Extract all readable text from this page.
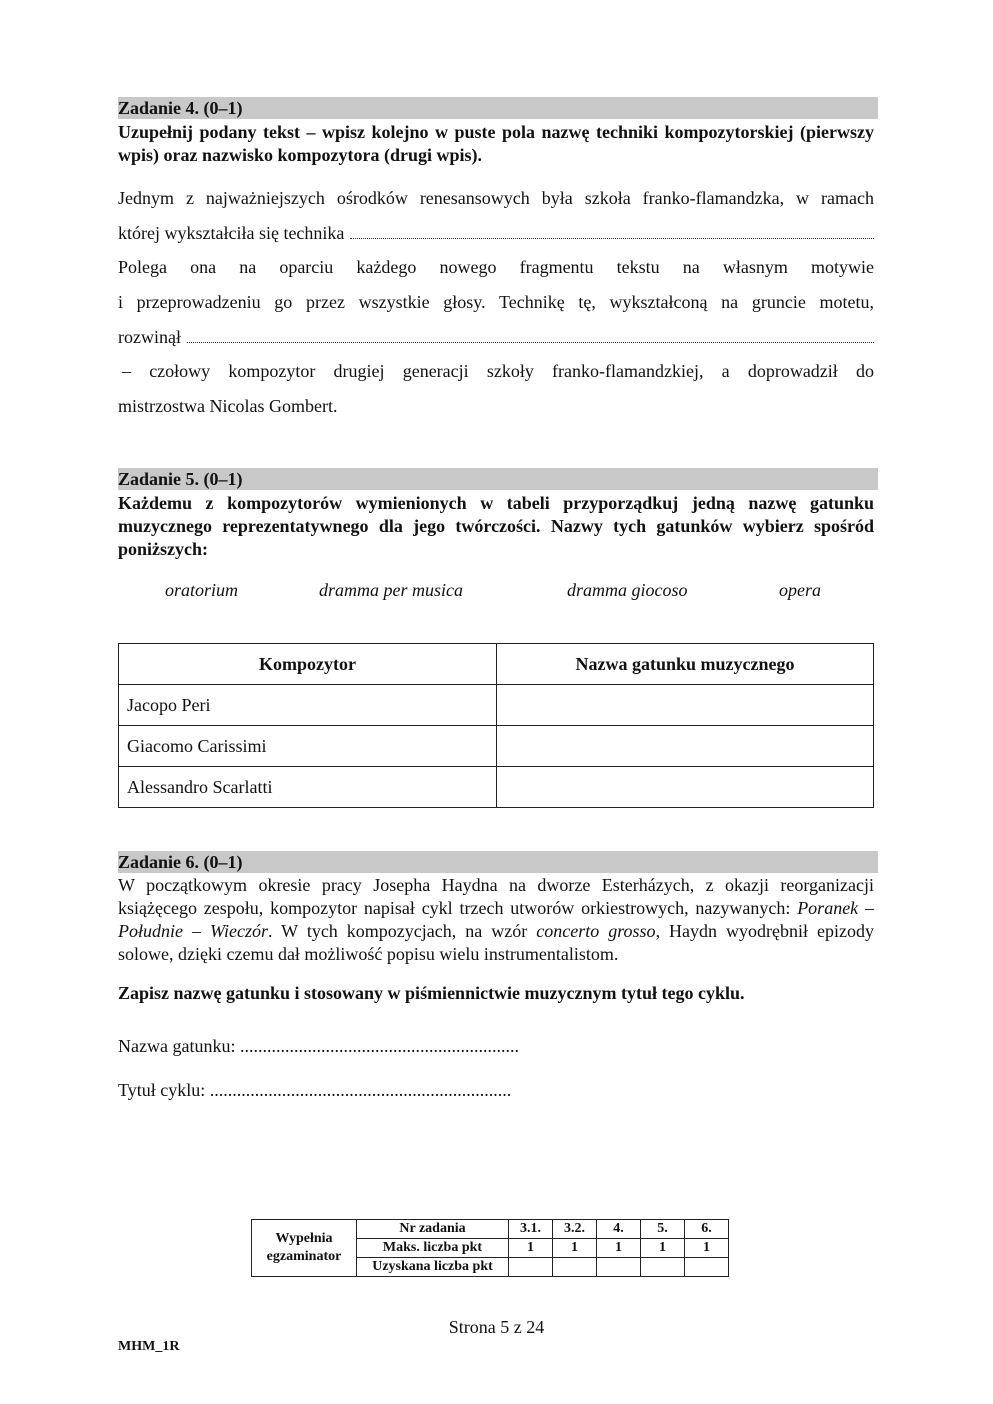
Zadanie 4. (0–1)
Uzupełnij podany tekst – wpisz kolejno w puste pola nazwę techniki kompozytorskiej (pierwszy wpis) oraz nazwisko kompozytora (drugi wpis).
Jednym z najważniejszych ośrodków renesansowych była szkoła franko-flamandzka, w ramach
której wykształciła się technika
Polega ona na oparciu każdego nowego fragmentu tekstu na własnym motywie
i przeprowadzeniu go przez wszystkie głosy. Technikę tę, wykształconą na gruncie motetu,
rozwinął
– czołowy kompozytor drugiej generacji szkoły franko-flamandzkiej, a doprowadził do
mistrzostwa Nicolas Gombert.
Zadanie 5. (0–1)
Każdemu z kompozytorów wymienionych w tabeli przyporządkuj jedną nazwę gatunku muzycznego reprezentatywnego dla jego twórczości. Nazwy tych gatunków wybierz spośród poniższych:
oratorium	dramma per musica	dramma giocoso	opera
Kompozytor	Nazwa gatunku muzycznego
Jacopo Peri	
Giacomo Carissimi	
Alessandro Scarlatti	
Zadanie 6. (0–1)
W początkowym okresie pracy Josepha Haydna na dworze Esterházych, z okazji reorganizacji książęcego zespołu, kompozytor napisał cykl trzech utworów orkiestrowych, nazywanych: Poranek – Południe – Wieczór. W tych kompozycjach, na wzór concerto grosso, Haydn wyodrębnił epizody solowe, dzięki czemu dał możliwość popisu wielu instrumentalistom.
Zapisz nazwę gatunku i stosowany w piśmiennictwie muzycznym tytuł tego cyklu.
Nazwa gatunku: ..............................................................
Tytuł cyklu: ...................................................................
Wypełnia
egzaminator	Nr zadania	3.1.	3.2.	4.	5.	6.
	Maks. liczba pkt	1	1	1	1	1
	Uzyskana liczba pkt					
Strona 5 z 24
MHM_1R
